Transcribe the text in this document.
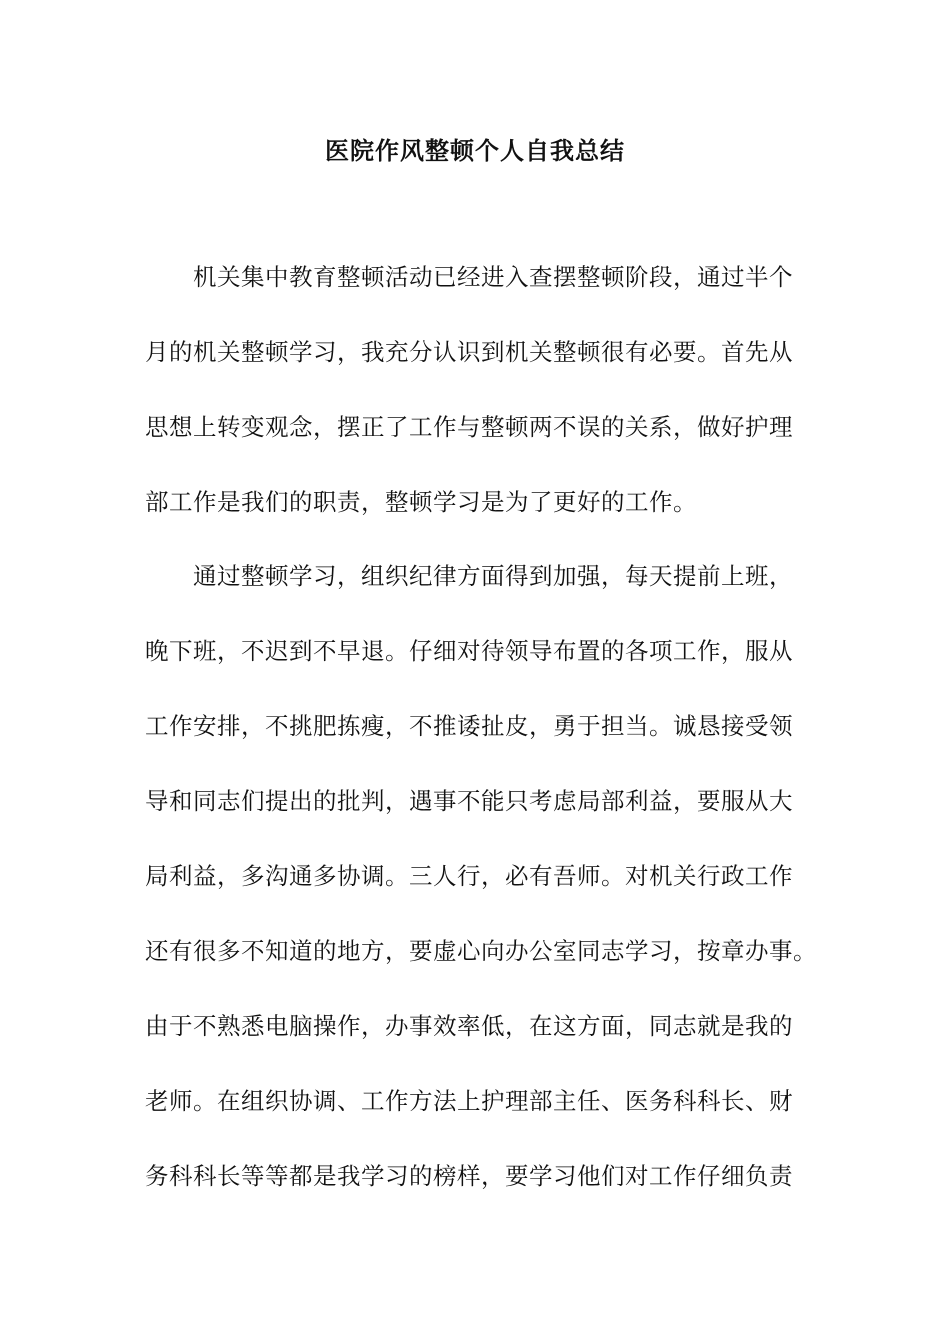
医院作风整顿个人自我总结
机关集中教育整顿活动已经进入查摆整顿阶段，通过半个
月的机关整顿学习，我充分认识到机关整顿很有必要。首先从
思想上转变观念，摆正了工作与整顿两不误的关系，做好护理
部工作是我们的职责，整顿学习是为了更好的工作。
通过整顿学习，组织纪律方面得到加强，每天提前上班，
晚下班，不迟到不早退。仔细对待领导布置的各项工作，服从
工作安排，不挑肥拣瘦，不推诿扯皮，勇于担当。诚恳接受领
导和同志们提出的批判，遇事不能只考虑局部利益，要服从大
局利益，多沟通多协调。三人行，必有吾师。对机关行政工作
还有很多不知道的地方，要虚心向办公室同志学习，按章办事。
由于不熟悉电脑操作，办事效率低，在这方面，同志就是我的
老师。在组织协调、工作方法上护理部主任、医务科科长、财
务科科长等等都是我学习的榜样，要学习他们对工作仔细负责
